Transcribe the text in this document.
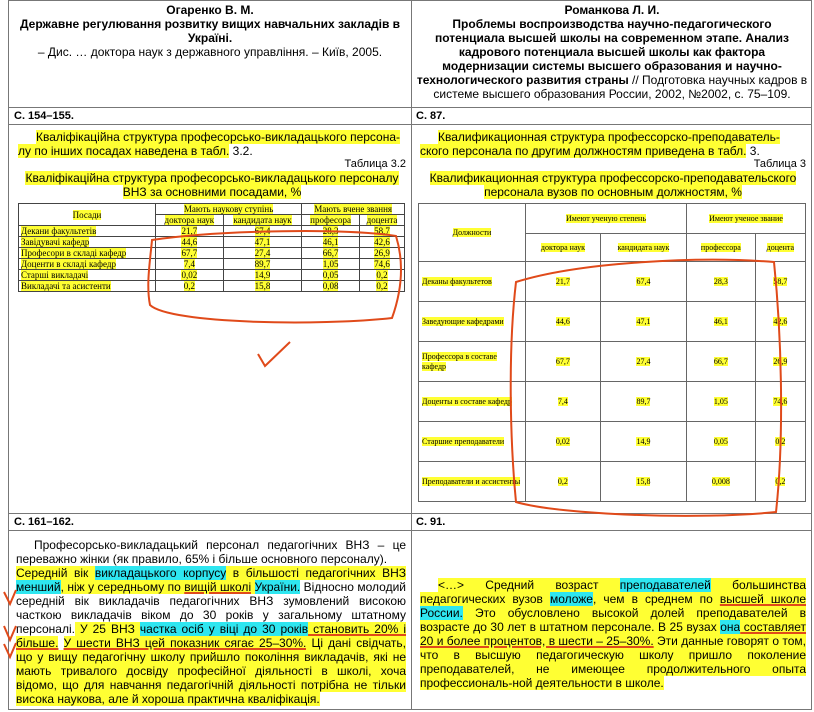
Огаренко В. М.
Державне регулювання розвитку вищих навчальних закладів в Україні.
– Дис. … доктора наук з державного управління. – Київ, 2005.
Романкова Л. И.
Проблемы воспроизводства научно-педагогического потенциала высшей школы на современном этапе. Анализ кадрового потенциала высшей школы как фактора модернизации системы высшего образования и научно-технологического развития страны // Подготовка научных кадров в системе высшего образования России, 2002, №2002, с. 75–109.
С. 154–155.	С. 87.
С. 161–162.	С. 91.
Кваліфікаційна структура професорсько-викладацького персона-
лу по інших посадах наведена в табл. 3.2.
Таблица 3.2
Кваліфікаційна структура професорсько-викладацького персоналу ВНЗ за основними посадами, %
Посади	Мають наукову ступінь		Мають вчене звання	
	доктора наук	кандидата наук	професора	доцента
Декани факультетів	21,7	67,4	28,3	58,7
Завідувачі кафедр	44,6	47,1	46,1	42,6
Професори в складі кафедр	67,7	27,4	66,7	26,9
Доценти в складі кафедр	7,4	89,7	1,05	74,6
Старші викладачі	0,02	14,9	0,05	0,2
Викладачі та асистенти	0,2	15,8	0,08	0,2
Квалификационная структура профессорско-преподаватель-
ского персонала по другим должностям приведена в табл. 3.
Таблица 3
Квалификационная структура профессорско-преподавательского персонала вузов по основным должностям, %
Должности	Имеют ученую степень		Имеют ученое звание	
	доктора наук	кандидата наук	профессора	доцента
Деканы факультетов	21,7	67,4	28,3	58,7
Заведующие кафедрами	44,6	47,1	46,1	42,6
Профессора в составе кафедр	67,7	27,4	66,7	26,9
Доценты в составе кафедр	7,4	89,7	1,05	74,6
Старшие преподаватели	0,02	14,9	0,05	0,2
Преподаватели и ассистенты	0,2	15,8	0,008	0,2
Професорсько-викладацький персонал педагогічних ВНЗ – це переважно жінки (як правило, 65% і більше основного персоналу).
Середній вік викладацького корпусу в більшості педагогічних ВНЗ менший, ніж у середньому по вищій школі України. Відносно молодий середній вік викладачів педагогічних ВНЗ зумовлений високою часткою викладачів віком до 30 років у загальному штатному персоналі. У 25 ВНЗ частка осіб у віці до 30 років становить 20% і більше. У шести ВНЗ цей показник сягає 25–30%. Ці дані свідчать, що у вищу педагогічну школу прийшло покоління викладачів, які не мають тривалого досвіду професійної діяльності в школі, хоча відомо, що для навчання педагогічній діяльності потрібна не тільки висока наукова, але й хороша практична кваліфікація.
<…> Средний возраст преподавателей большинства педагогических вузов моложе, чем в среднем по высшей школе России. Это обусловлено высокой долей преподавателей в возрасте до 30 лет в штатном персонале. В 25 вузах она составляет 20 и более процентов, в шести – 25–30%. Эти данные говорят о том, что в высшую педагогическую школу пришло поколение преподавателей, не имеющее продолжительного опыта профессиональ-ной деятельности в школе.
